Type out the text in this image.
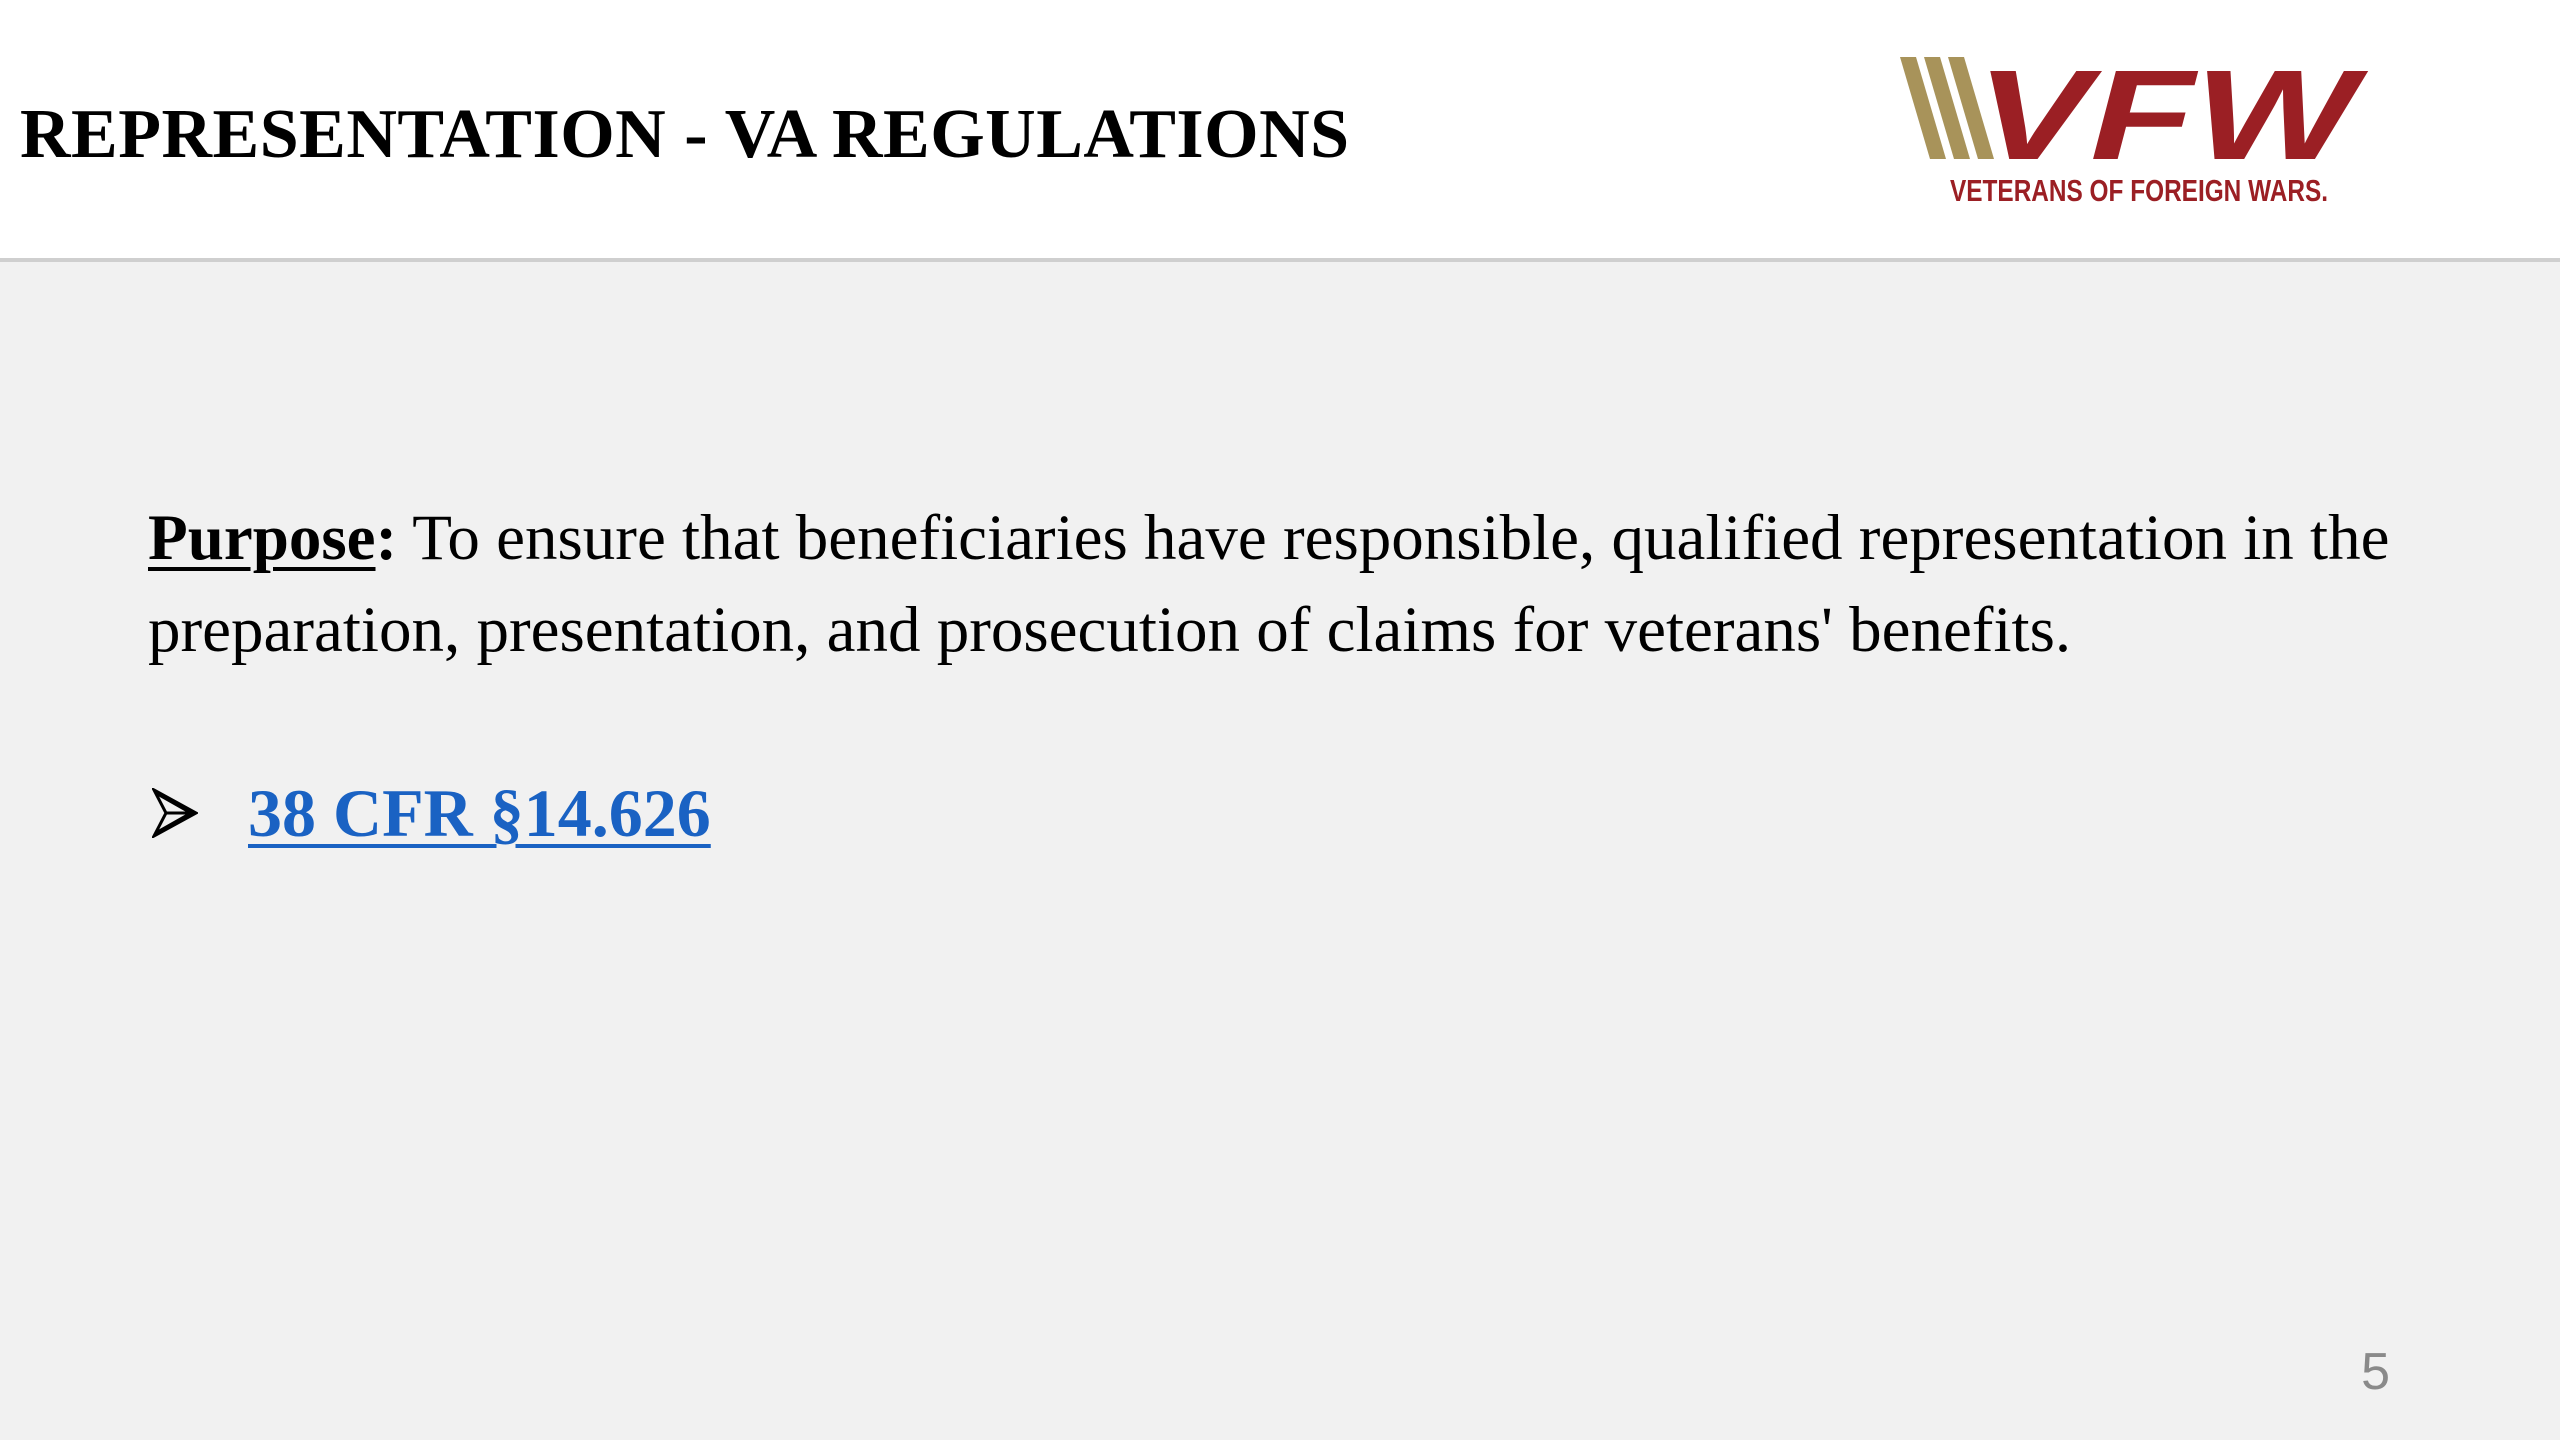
REPRESENTATION - VA REGULATIONS	VFW
VETERANS OF FOREIGN WARS.
Purpose: To ensure that beneficiaries have responsible, qualified representation in the preparation, presentation, and prosecution of claims for veterans' benefits.
38 CFR §14.626
5
